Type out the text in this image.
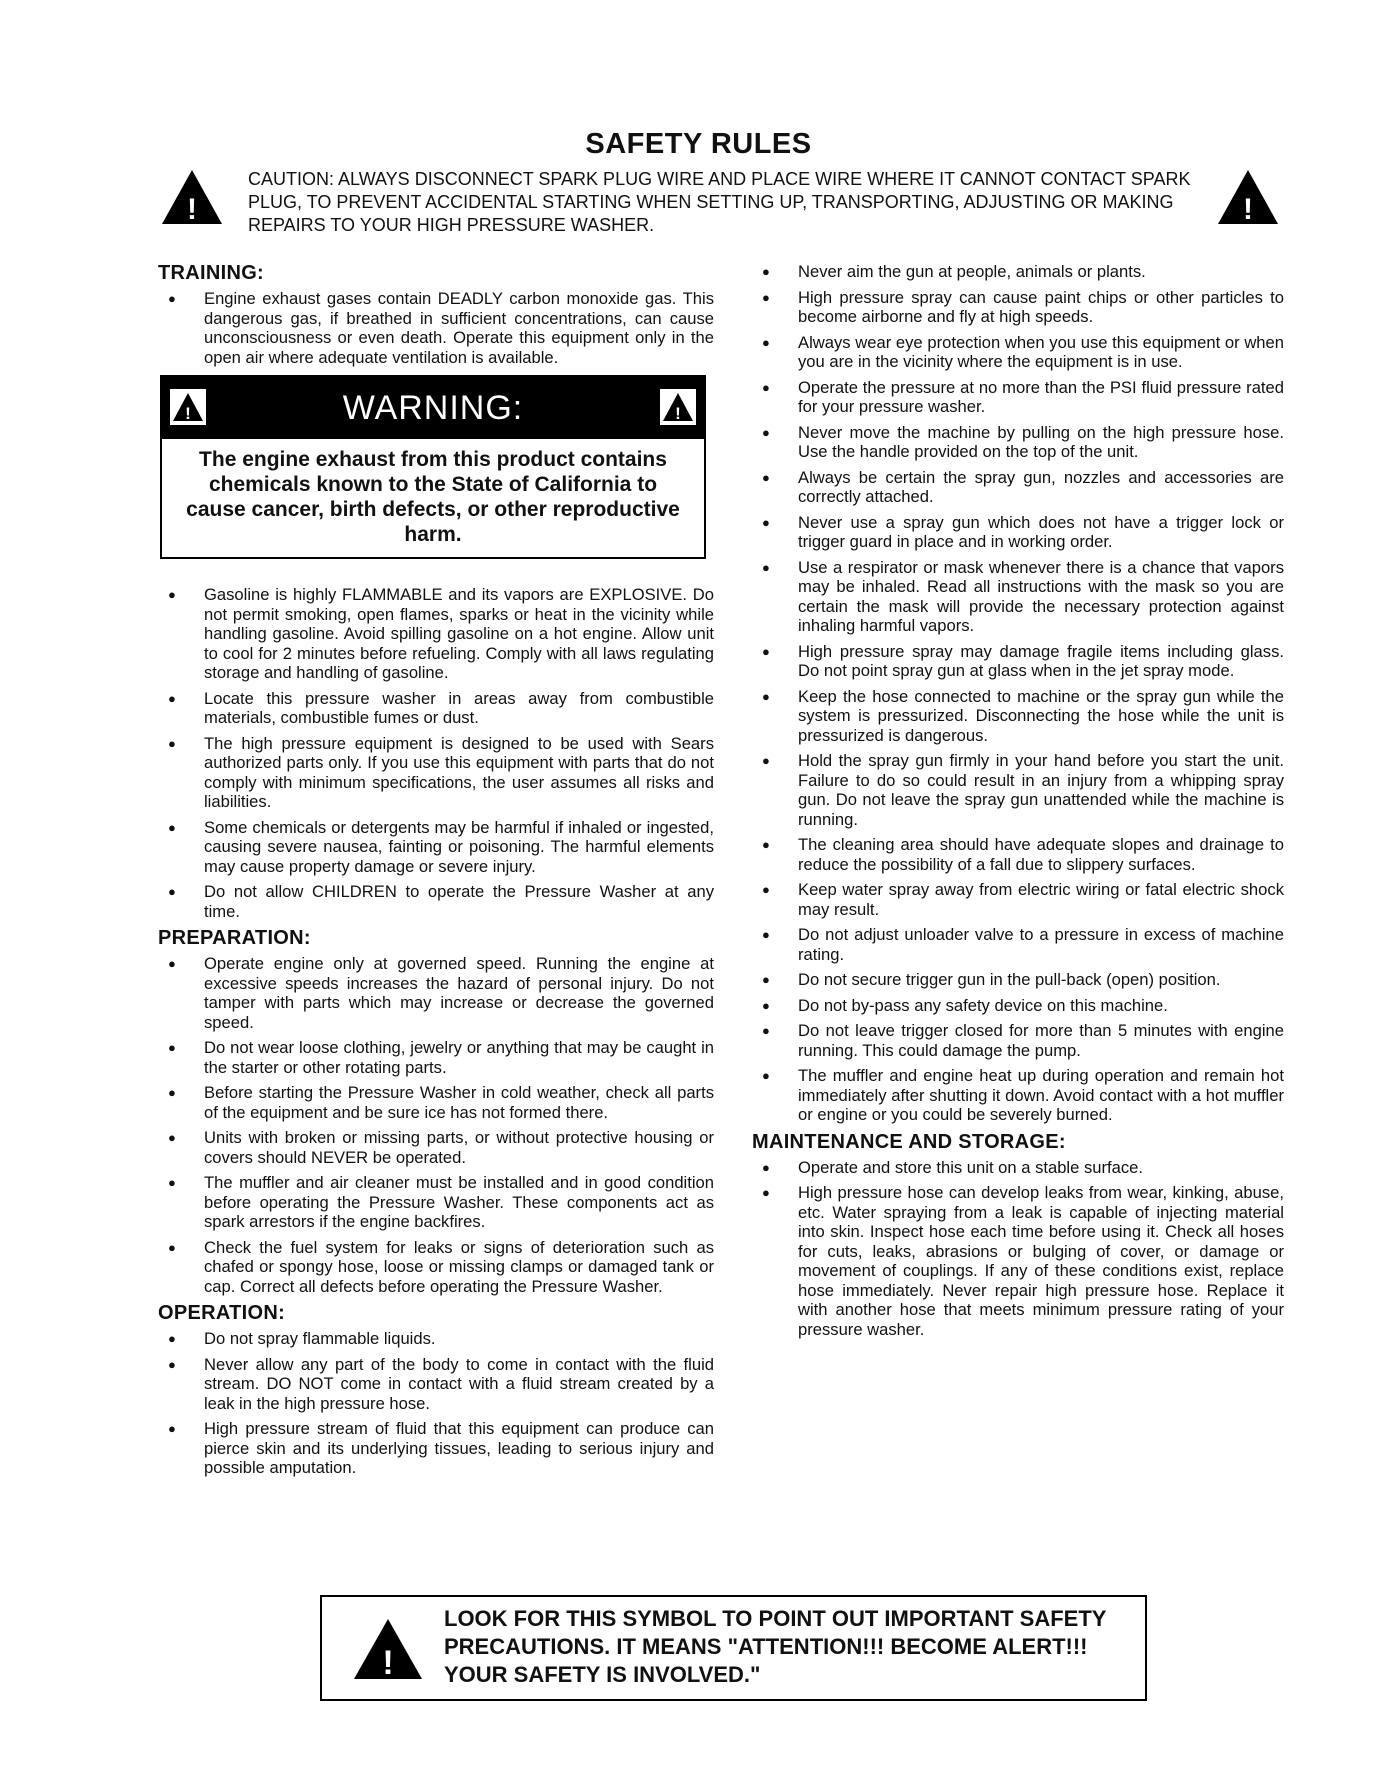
SAFETY RULES
!
CAUTION: ALWAYS DISCONNECT SPARK PLUG WIRE AND PLACE WIRE WHERE IT CANNOT CONTACT SPARK PLUG, TO PREVENT ACCIDENTAL STARTING WHEN SETTING UP, TRANSPORTING, ADJUSTING OR MAKING REPAIRS TO YOUR HIGH PRESSURE WASHER.	!
TRAINING:
● Engine exhaust gases contain DEADLY carbon monoxide gas. This dangerous gas, if breathed in sufficient concentrations, can cause unconsciousness or even death. Operate this equipment only in the open air where adequate ventilation is available.
!	WARNING:	!
The engine exhaust from this product contains chemicals known to the State of California to cause cancer, birth defects, or other reproductive harm.
● Gasoline is highly FLAMMABLE and its vapors are EXPLOSIVE. Do not permit smoking, open flames, sparks or heat in the vicinity while handling gasoline. Avoid spilling gasoline on a hot engine. Allow unit to cool for 2 minutes before refueling. Comply with all laws regulating storage and handling of gasoline.
● Locate this pressure washer in areas away from combustible materials, combustible fumes or dust.
● The high pressure equipment is designed to be used with Sears authorized parts only. If you use this equipment with parts that do not comply with minimum specifications, the user assumes all risks and liabilities.
● Some chemicals or detergents may be harmful if inhaled or ingested, causing severe nausea, fainting or poisoning. The harmful elements may cause property damage or severe injury.
● Do not allow CHILDREN to operate the Pressure Washer at any time.
PREPARATION:
● Operate engine only at governed speed. Running the engine at excessive speeds increases the hazard of personal injury. Do not tamper with parts which may increase or decrease the governed speed.
● Do not wear loose clothing, jewelry or anything that may be caught in the starter or other rotating parts.
● Before starting the Pressure Washer in cold weather, check all parts of the equipment and be sure ice has not formed there.
● Units with broken or missing parts, or without protective housing or covers should NEVER be operated.
● The muffler and air cleaner must be installed and in good condition before operating the Pressure Washer. These components act as spark arrestors if the engine backfires.
● Check the fuel system for leaks or signs of deterioration such as chafed or spongy hose, loose or missing clamps or damaged tank or cap. Correct all defects before operating the Pressure Washer.
OPERATION:
● Do not spray flammable liquids.
● Never allow any part of the body to come in contact with the fluid stream. DO NOT come in contact with a fluid stream created by a leak in the high pressure hose.
● High pressure stream of fluid that this equipment can produce can pierce skin and its underlying tissues, leading to serious injury and possible amputation.
● Never aim the gun at people, animals or plants.
● High pressure spray can cause paint chips or other particles to become airborne and fly at high speeds.
● Always wear eye protection when you use this equipment or when you are in the vicinity where the equipment is in use.
● Operate the pressure at no more than the PSI fluid pressure rated for your pressure washer.
● Never move the machine by pulling on the high pressure hose. Use the handle provided on the top of the unit.
● Always be certain the spray gun, nozzles and accessories are correctly attached.
● Never use a spray gun which does not have a trigger lock or trigger guard in place and in working order.
● Use a respirator or mask whenever there is a chance that vapors may be inhaled. Read all instructions with the mask so you are certain the mask will provide the necessary protection against inhaling harmful vapors.
● High pressure spray may damage fragile items including glass. Do not point spray gun at glass when in the jet spray mode.
● Keep the hose connected to machine or the spray gun while the system is pressurized. Disconnecting the hose while the unit is pressurized is dangerous.
● Hold the spray gun firmly in your hand before you start the unit. Failure to do so could result in an injury from a whipping spray gun. Do not leave the spray gun unattended while the machine is running.
● The cleaning area should have adequate slopes and drainage to reduce the possibility of a fall due to slippery surfaces.
● Keep water spray away from electric wiring or fatal electric shock may result.
● Do not adjust unloader valve to a pressure in excess of machine rating.
● Do not secure trigger gun in the pull-back (open) position.
● Do not by-pass any safety device on this machine.
● Do not leave trigger closed for more than 5 minutes with engine running. This could damage the pump.
● The muffler and engine heat up during operation and remain hot immediately after shutting it down. Avoid contact with a hot muffler or engine or you could be severely burned.
MAINTENANCE AND STORAGE:
● Operate and store this unit on a stable surface.
● High pressure hose can develop leaks from wear, kinking, abuse, etc. Water spraying from a leak is capable of injecting material into skin. Inspect hose each time before using it. Check all hoses for cuts, leaks, abrasions or bulging of cover, or damage or movement of couplings. If any of these conditions exist, replace hose immediately. Never repair high pressure hose. Replace it with another hose that meets minimum pressure rating of your pressure washer.
!
LOOK FOR THIS SYMBOL TO POINT OUT IMPORTANT SAFETY PRECAUTIONS. IT MEANS "ATTENTION!!! BECOME ALERT!!! YOUR SAFETY IS INVOLVED."
